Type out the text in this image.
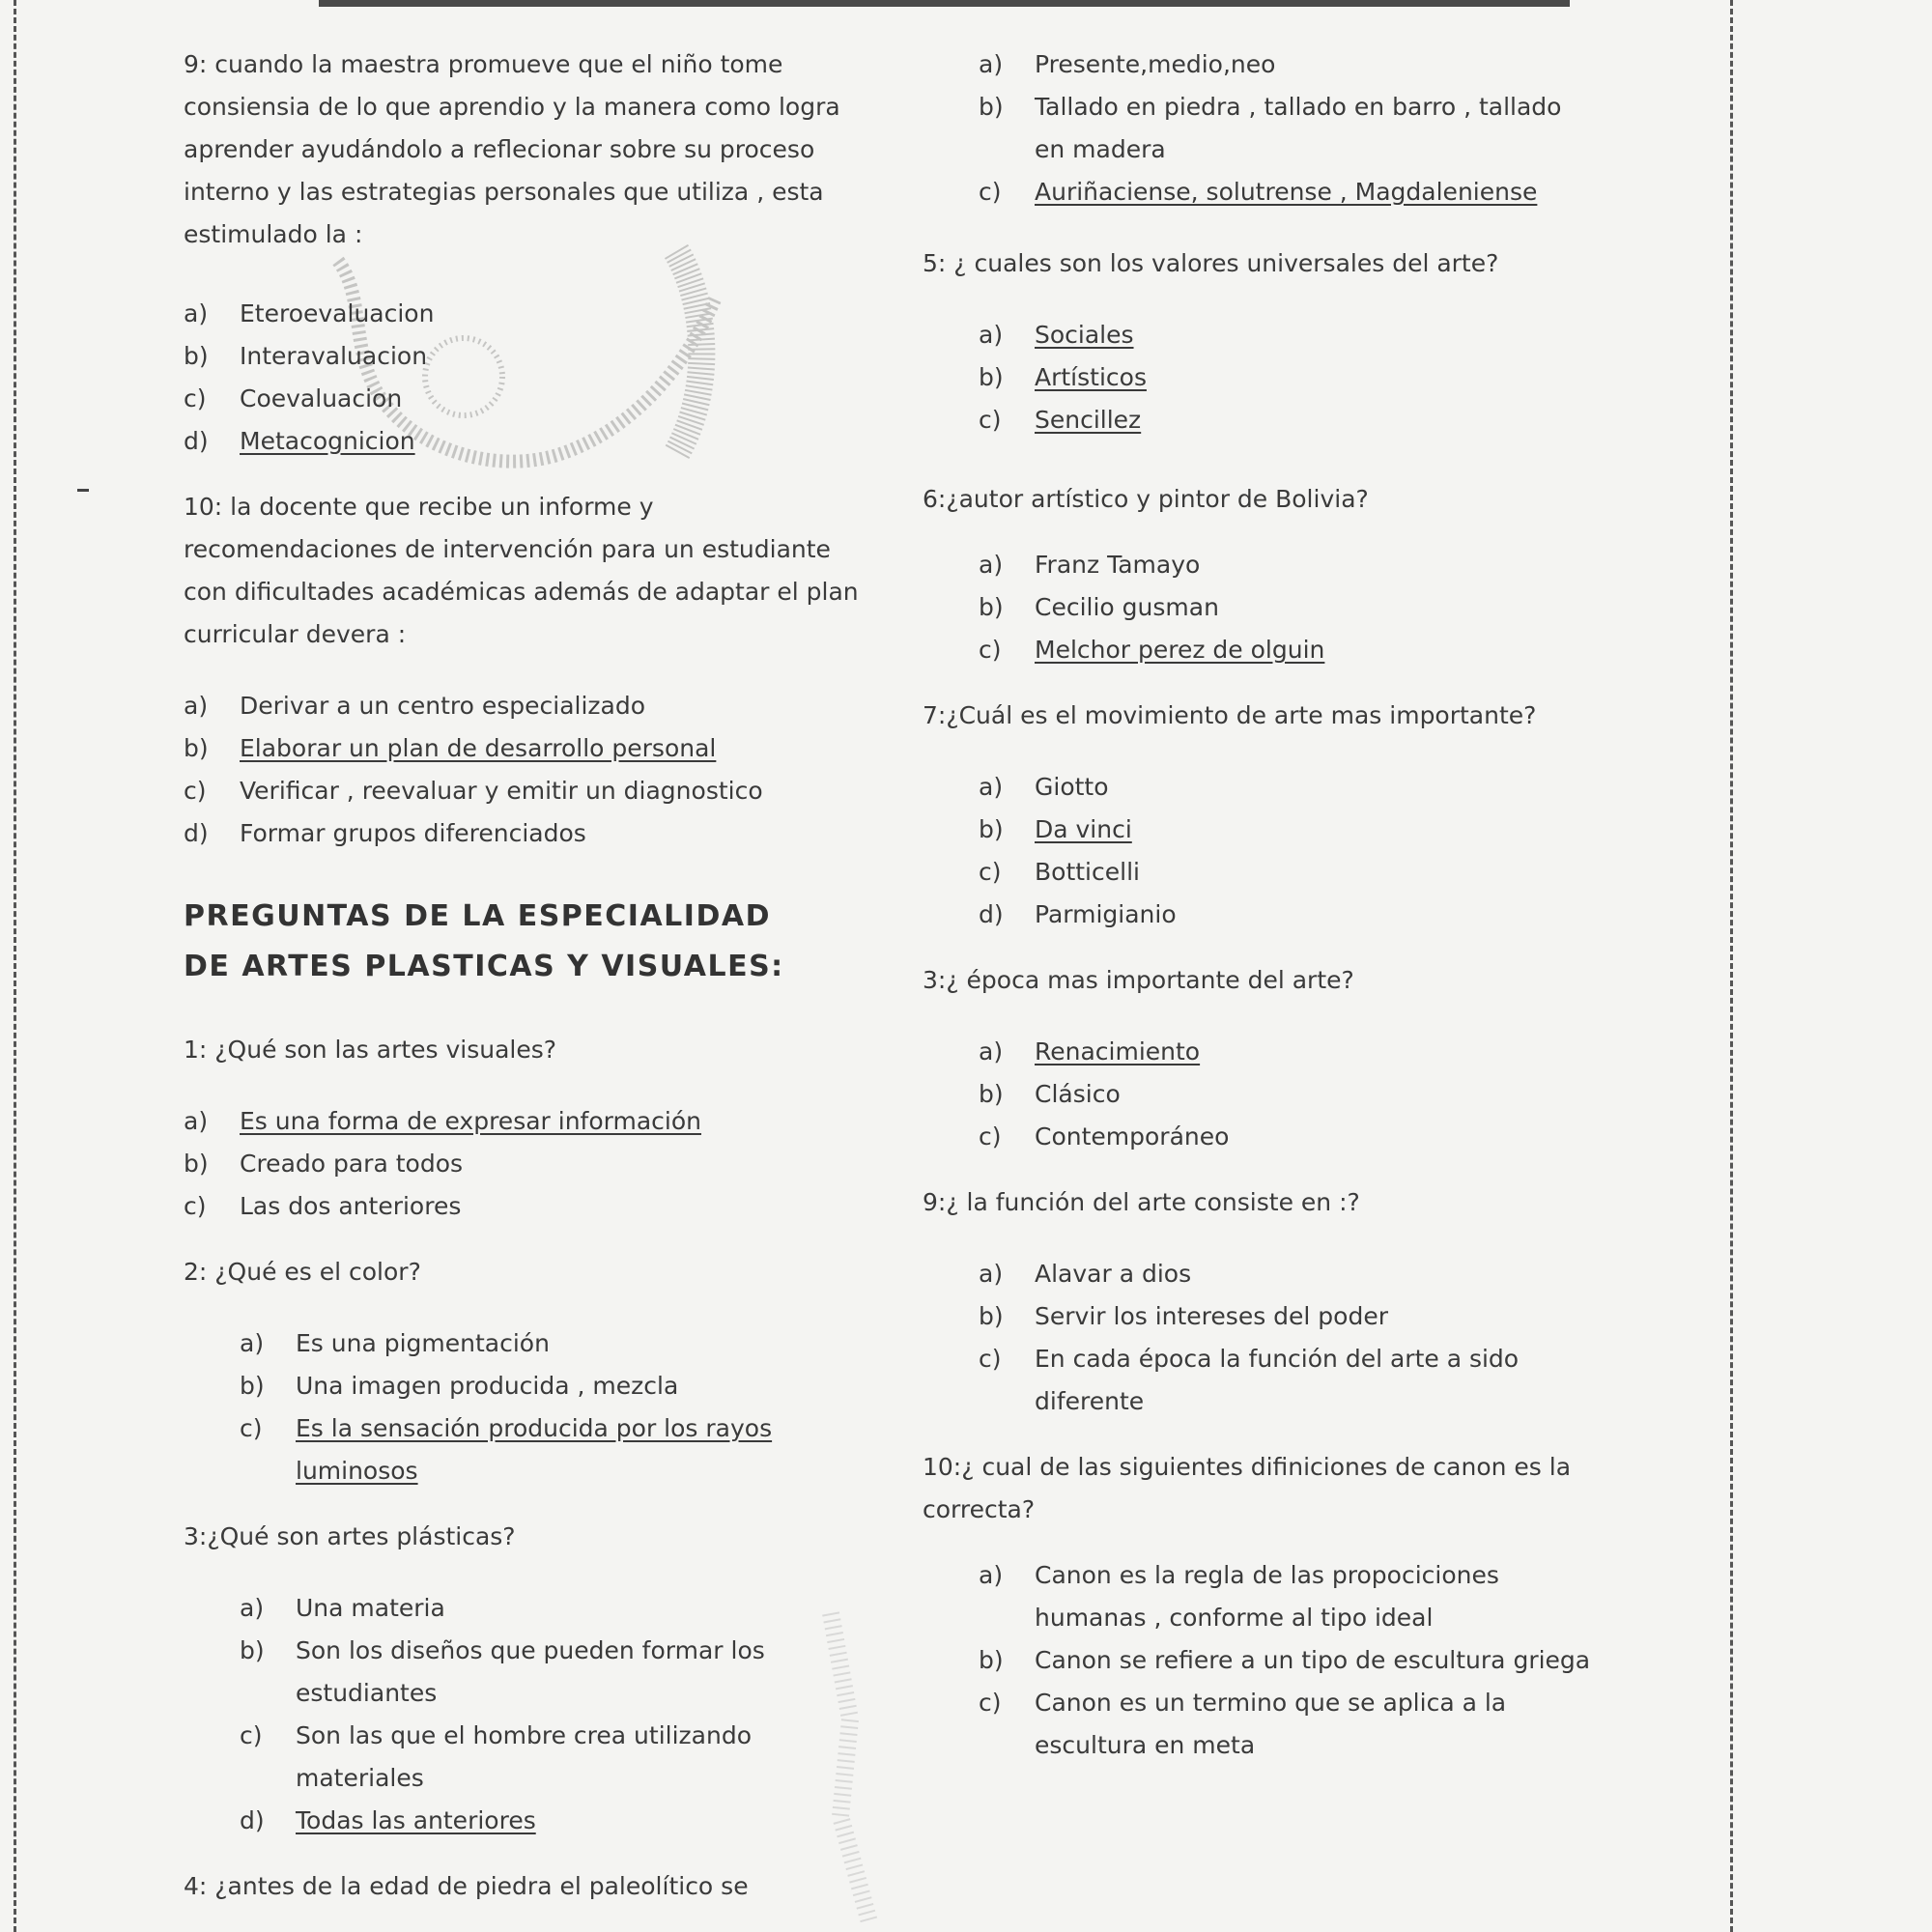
9: cuando la maestra promueve que el niño tome consiensia de lo que aprendio y la manera como logra aprender ayudándolo a reflecionar sobre su proceso interno y las estrategias personales que utiliza , esta estimulado la :

a)	Eteroevaluacion
b)	Interavaluacion
c)	Coevaluacion
d)	Metacognicion

10: la docente que recibe un informe y recomendaciones de intervención para un estudiante con dificultades académicas además de adaptar el plan curricular devera :

a)	Derivar a un centro especializado
b)	Elaborar un plan de desarrollo personal
c)	Verificar , reevaluar y emitir un diagnostico
d)	Formar grupos diferenciados

PREGUNTAS DE LA ESPECIALIDAD
DE ARTES PLASTICAS Y VISUALES:

1: ¿Qué son las artes visuales?

a)	Es una forma de expresar información
b)	Creado para todos
c)	Las dos anteriores

2: ¿Qué es el color?

a)	Es una pigmentación
b)	Una imagen producida , mezcla
c)	Es la sensación producida por los rayos luminosos

3:¿Qué son artes plásticas?

a)	Una materia
b)	Son los diseños que pueden formar los estudiantes
c)	Son las que el hombre crea utilizando materiales
d)	Todas las anteriores

4: ¿antes de la edad de piedra el paleolítico se

a)	Presente,medio,neo
b)	Tallado en piedra , tallado en barro , tallado en madera
c)	Auriñaciense, solutrense , Magdaleniense

5: ¿ cuales son los valores universales del arte?

a)	Sociales
b)	Artísticos
c)	Sencillez

6:¿autor artístico y pintor de Bolivia?

a)	Franz Tamayo
b)	Cecilio gusman
c)	Melchor perez de olguin

7:¿Cuál es el movimiento de arte mas importante?

a)	Giotto
b)	Da vinci
c)	Botticelli
d)	Parmigianio

3:¿ época mas importante del arte?

a)	Renacimiento
b)	Clásico
c)	Contemporáneo

9:¿ la función del arte consiste en :?

a)	Alavar a dios
b)	Servir los intereses del poder
c)	En cada época la función del arte a sido diferente

10:¿ cual de las siguientes difiniciones de canon es la correcta?

a)	Canon es la regla de las propociciones humanas , conforme al tipo ideal
b)	Canon se refiere a un tipo de escultura griega
c)	Canon es un termino que se aplica a la escultura en meta
